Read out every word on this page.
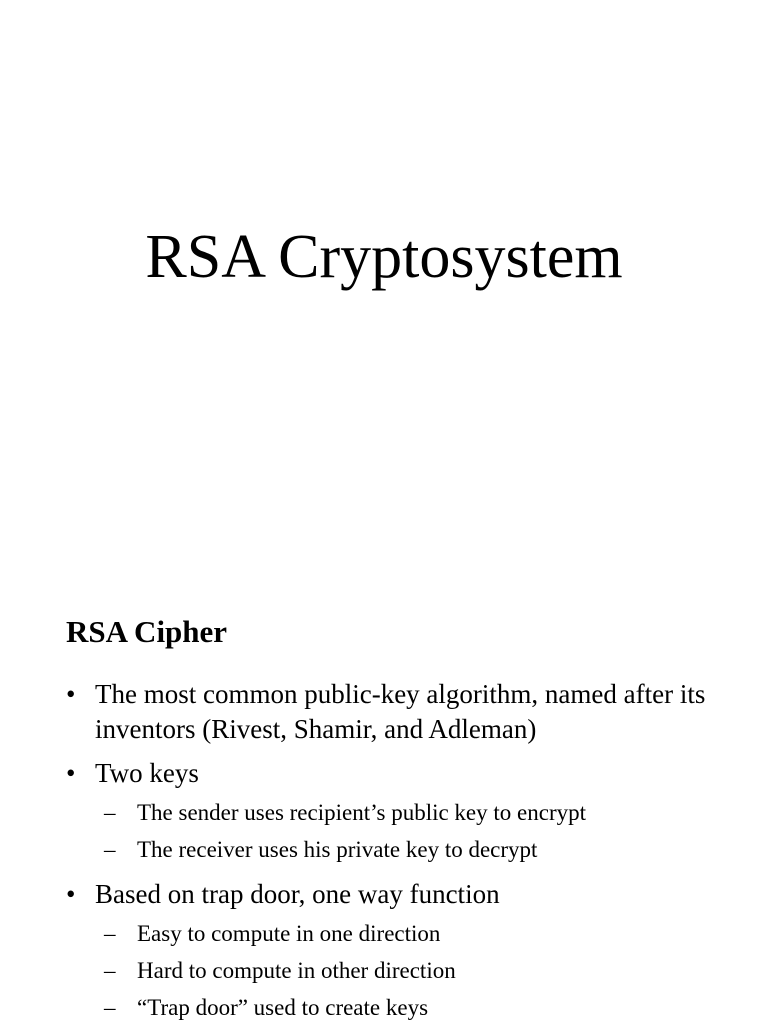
RSA Cryptosystem
RSA Cipher
• The most common public-key algorithm, named after its inventors (Rivest, Shamir, and Adleman)
• Two keys
– The sender uses recipient’s public key to encrypt
– The receiver uses his private key to decrypt
• Based on trap door, one way function
– Easy to compute in one direction
– Hard to compute in other direction
– “Trap door” used to create keys
